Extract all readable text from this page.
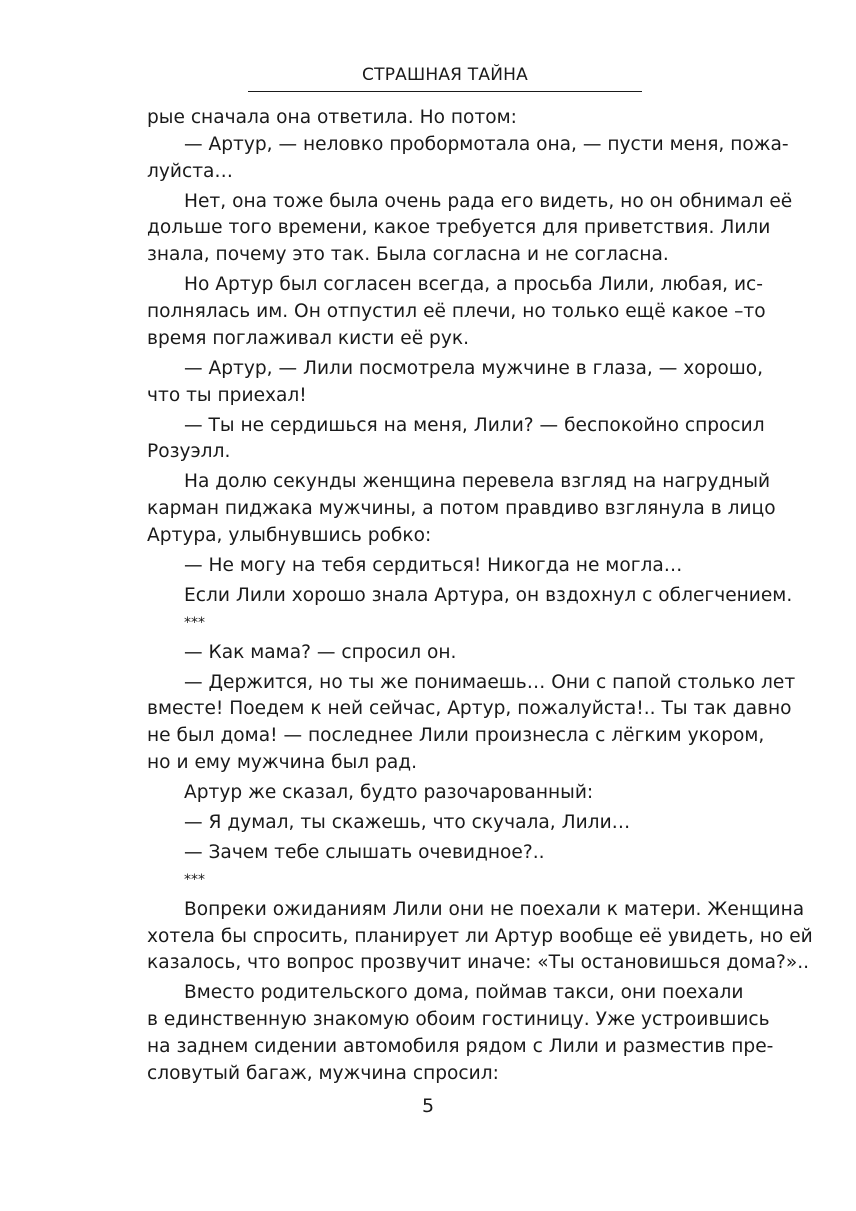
СТРАШНАЯ ТАЙНА
рые сначала она ответила. Но потом:
— Артур, — неловко пробормотала она, — пусти меня, пожа-
луйста…
Нет, она тоже была очень рада его видеть, но он обнимал её
дольше того времени, какое требуется для приветствия. Лили
знала, почему это так. Была согласна и не согласна.
Но Артур был согласен всегда, а просьба Лили, любая, ис-
полнялась им. Он отпустил её плечи, но только ещё какое –то
время поглаживал кисти её рук.
— Артур, — Лили посмотрела мужчине в глаза, — хорошо,
что ты приехал!
— Ты не сердишься на меня, Лили? — беспокойно спросил
Розуэлл.
На долю секунды женщина перевела взгляд на нагрудный
карман пиджака мужчины, а потом правдиво взглянула в лицо
Артура, улыбнувшись робко:
— Не могу на тебя сердиться! Никогда не могла…
Если Лили хорошо знала Артура, он вздохнул с облегчением.
***
— Как мама? — спросил он.
— Держится, но ты же понимаешь… Они с папой столько лет
вместе! Поедем к ней сейчас, Артур, пожалуйста!.. Ты так давно
не был дома! — последнее Лили произнесла с лёгким укором,
но и ему мужчина был рад.
Артур же сказал, будто разочарованный:
— Я думал, ты скажешь, что скучала, Лили…
— Зачем тебе слышать очевидное?..
***
Вопреки ожиданиям Лили они не поехали к матери. Женщина
хотела бы спросить, планирует ли Артур вообще её увидеть, но ей
казалось, что вопрос прозвучит иначе: «Ты остановишься дома?»..
Вместо родительского дома, поймав такси, они поехали
в единственную знакомую обоим гостиницу. Уже устроившись
на заднем сидении автомобиля рядом с Лили и разместив пре-
словутый багаж, мужчина спросил:
5
